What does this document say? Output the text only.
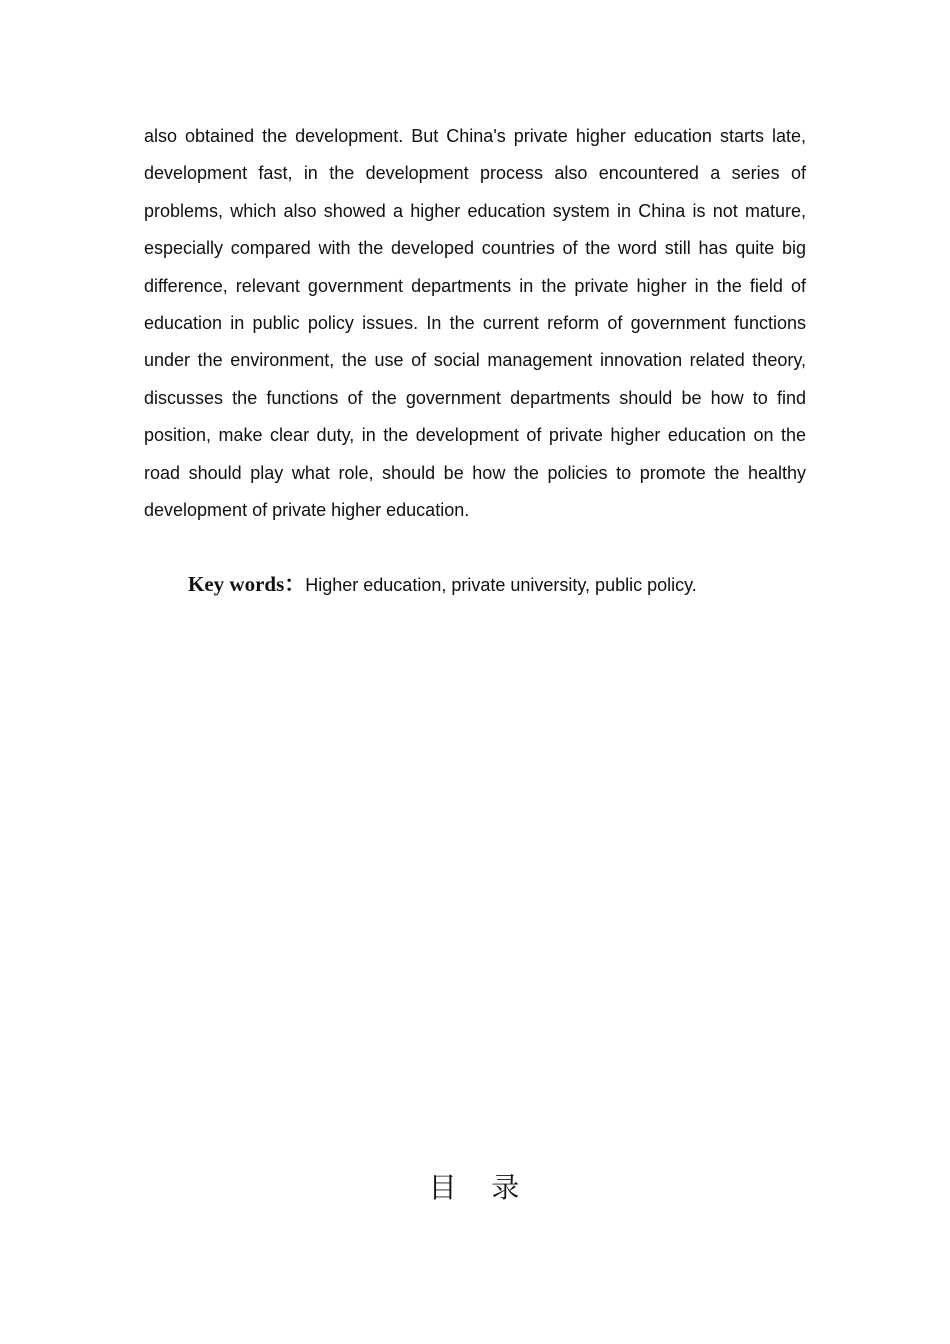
also obtained the development. But China's private higher education starts late, development fast, in the development process also encountered a series of problems, which also showed a higher education system in China is not mature, especially compared with the developed countries of the word still has quite big difference, relevant government departments in the private higher in the field of education in public policy issues. In the current reform of government functions under the environment, the use of social management innovation related theory, discusses the functions of the government departments should be how to find position, make clear duty, in the development of private higher education on the road should play what role, should be how the policies to promote the healthy development of private higher education.

Key words：Higher education, private university, public policy.

目   录
